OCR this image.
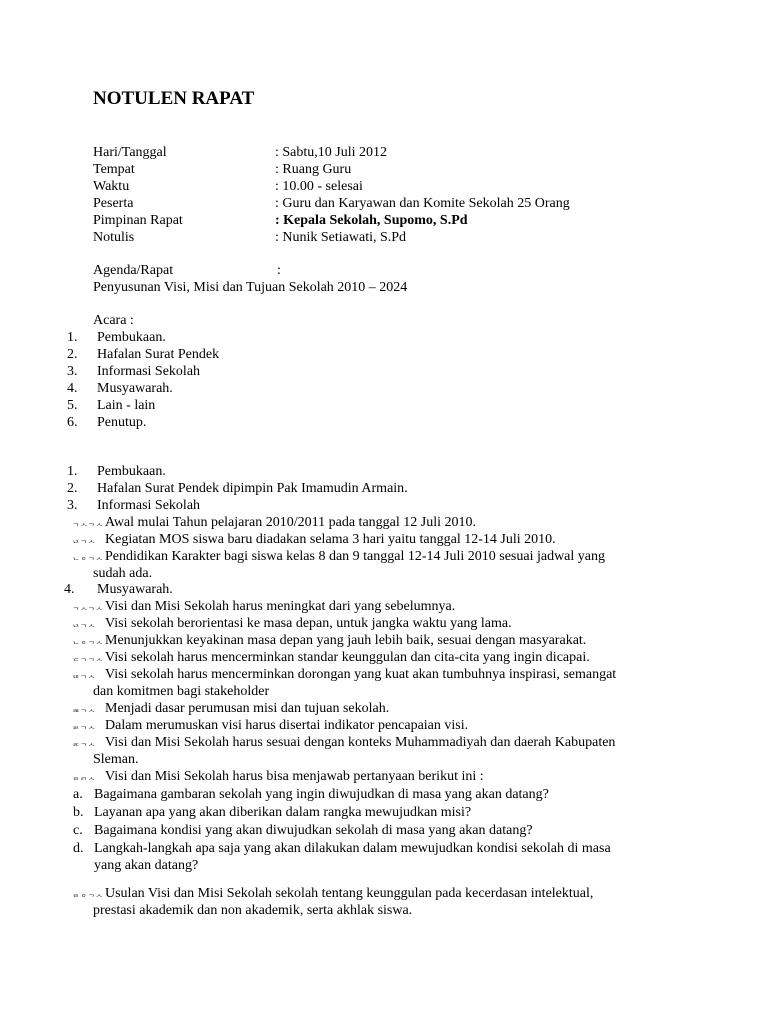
NOTULEN RAPAT
Hari/Tanggal	: Sabtu,10 Juli 2012
Tempat	: Ruang Guru
Waktu	: 10.00 - selesai
Peserta	: Guru dan Karyawan dan Komite Sekolah 25 Orang
Pimpinan Rapat	: Kepala Sekolah, Supomo, S.Pd
Notulis	: Nunik Setiawati, S.Pd
Agenda/Rapat	:
Penyusunan Visi, Misi dan Tujuan Sekolah 2010 – 2024
Acara :
1. Pembukaan.
2. Hafalan Surat Pendek
3. Informasi Sekolah
4. Musyawarah.
5. Lain - lain
6. Penutup.
1. Pembukaan.
2. Hafalan Surat Pendek dipimpin Pak Imamudin Armain.
3. Informasi Sekolah
ᄀᄉᄀᄉ Awal mulai Tahun pelajaran 2010/2011 pada tanggal 12 Juli 2010.
ᄂᄌᄀᄉ Kegiatan MOS siswa baru diadakan selama 3 hari yaitu tanggal 12-14 Juli 2010.
ᄂᄋᄀᄉ Pendidikan Karakter bagi siswa kelas 8 dan 9 tanggal 12-14 Juli 2010 sesuai jadwal yang
sudah ada.
4. Musyawarah.
ᄀᄉᄀᄉ Visi dan Misi Sekolah harus meningkat dari yang sebelumnya.
ᄂᄌᄀᄉ Visi sekolah berorientasi ke masa depan, untuk jangka waktu yang lama.
ᄂᄋᄀᄉ Menunjukkan keyakinan masa depan yang jauh lebih baik, sesuai dengan masyarakat.
ᄃᄀᄀᄉ Visi sekolah harus mencerminkan standar keunggulan dan cita-cita yang ingin dicapai.
ᄃᄆᄀᄉ Visi sekolah harus mencerminkan dorongan yang kuat akan tumbuhnya inspirasi, semangat
dan komitmen bagi stakeholder
ᄅᄇᄀᄉ Menjadi dasar perumusan misi dan tujuan sekolah.
ᄅᄉᄀᄉ Dalam merumuskan visi harus disertai indikator pencapaian visi.
ᄅᄃᄀᄉ Visi dan Misi Sekolah harus sesuai dengan konteks Muhammadiyah dan daerah Kabupaten
Sleman.
ᄅᄅᄀᄉ Visi dan Misi Sekolah harus bisa menjawab pertanyaan berikut ini :
a. Bagaimana gambaran sekolah yang ingin diwujudkan di masa yang akan datang?
b. Layanan apa yang akan diberikan dalam rangka mewujudkan misi?
c. Bagaimana kondisi yang akan diwujudkan sekolah di masa yang akan datang?
d. Langkah-langkah apa saja yang akan dilakukan dalam mewujudkan kondisi sekolah di masa
yang akan datang?
ᄅᄋᄀᄉ Usulan Visi dan Misi Sekolah sekolah tentang keunggulan pada kecerdasan intelektual,
prestasi akademik dan non akademik, serta akhlak siswa.
